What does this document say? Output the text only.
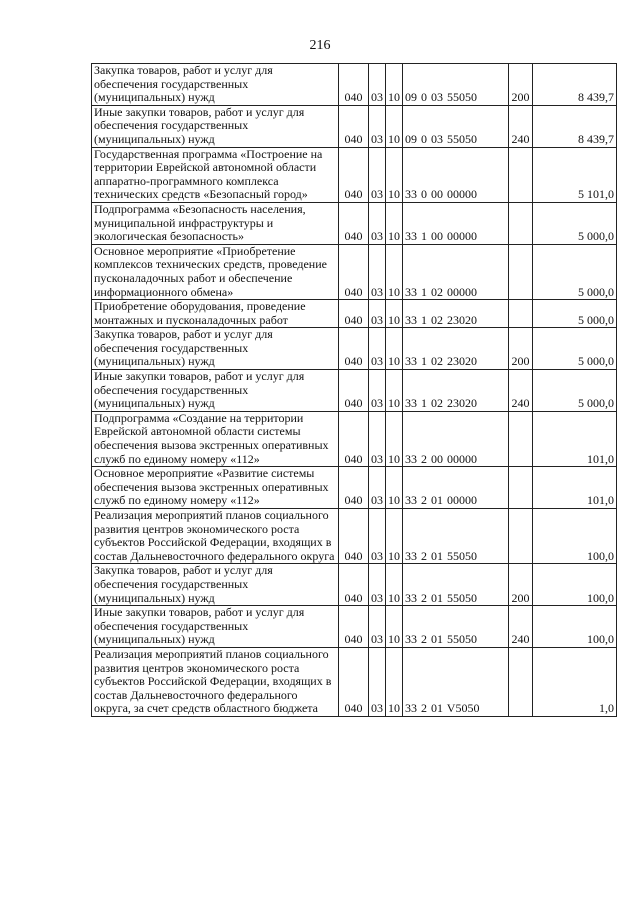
216
Закупка товаров, работ и услуг для обеспечения государственных (муниципальных) нужд	040	03	10	09 0 03 55050	200	8 439,7
Иные закупки товаров, работ и услуг для обеспечения государственных (муниципальных) нужд	040	03	10	09 0 03 55050	240	8 439,7
Государственная программа «Построение на территории Еврейской автономной области аппаратно-программного комплекса технических средств «Безопасный город»	040	03	10	33 0 00 00000		5 101,0
Подпрограмма «Безопасность населения, муниципальной инфраструктуры и экологическая безопасность»	040	03	10	33 1 00 00000		5 000,0
Основное мероприятие «Приобретение комплексов технических средств, проведение пусконаладочных работ и обеспечение информационного обмена»	040	03	10	33 1 02 00000		5 000,0
Приобретение оборудования, проведение монтажных и пусконаладочных работ	040	03	10	33 1 02 23020		5 000,0
Закупка товаров, работ и услуг для обеспечения государственных (муниципальных) нужд	040	03	10	33 1 02 23020	200	5 000,0
Иные закупки товаров, работ и услуг для обеспечения государственных (муниципальных) нужд	040	03	10	33 1 02 23020	240	5 000,0
Подпрограмма «Создание на территории Еврейской автономной области системы обеспечения вызова экстренных оперативных служб по единому номеру «112»	040	03	10	33 2 00 00000		101,0
Основное мероприятие «Развитие системы обеспечения вызова экстренных оперативных служб по единому номеру «112»	040	03	10	33 2 01 00000		101,0
Реализация мероприятий планов социального развития центров экономического роста субъектов Российской Федерации, входящих в состав Дальневосточного федерального округа	040	03	10	33 2 01 55050		100,0
Закупка товаров, работ и услуг для обеспечения государственных (муниципальных) нужд	040	03	10	33 2 01 55050	200	100,0
Иные закупки товаров, работ и услуг для обеспечения государственных (муниципальных) нужд	040	03	10	33 2 01 55050	240	100,0
Реализация мероприятий планов социального развития центров экономического роста субъектов Российской Федерации, входящих в состав Дальневосточного федерального округа, за счет средств областного бюджета	040	03	10	33 2 01 V5050		1,0
